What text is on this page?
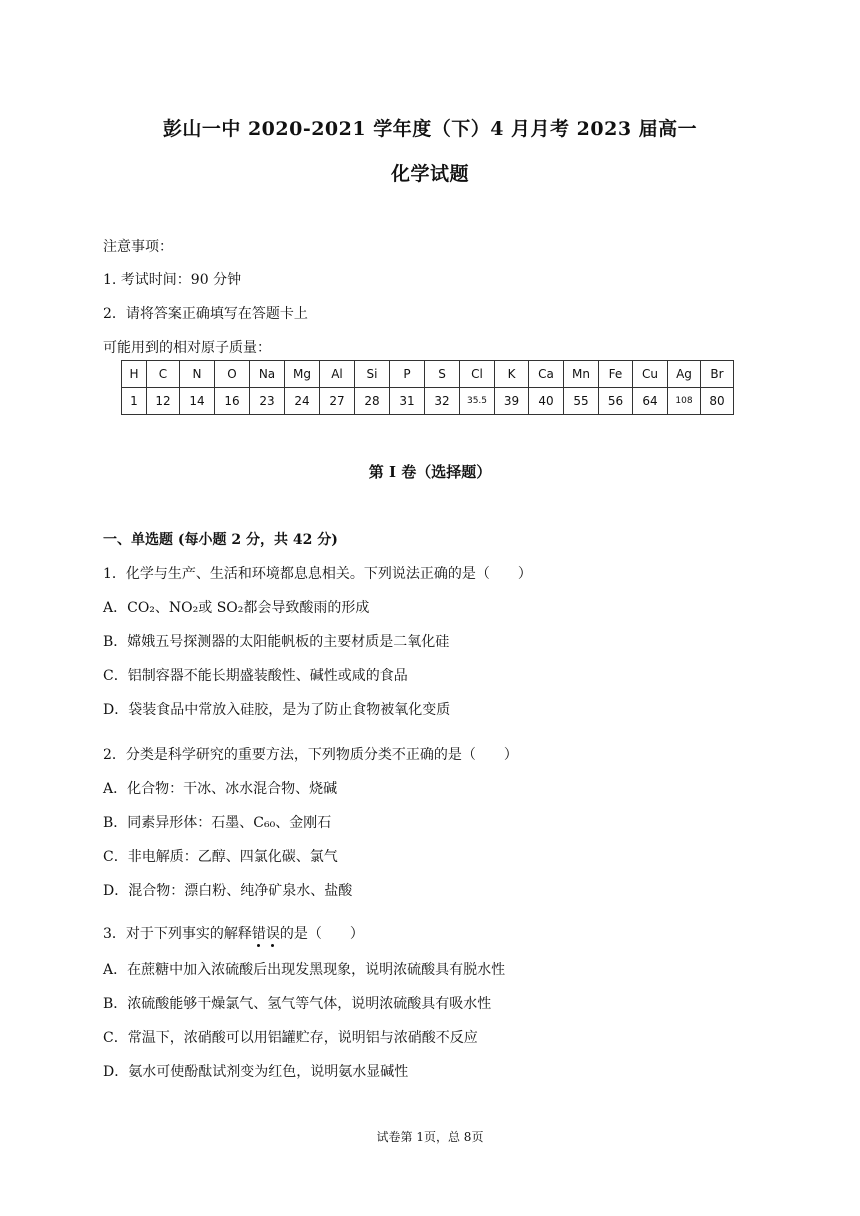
彭山一中 2020-2021 学年度（下）4 月月考 2023 届高一
化学试题
注意事项：
1. 考试时间：90 分钟
2．请将答案正确填写在答题卡上
可能用到的相对原子质量：
H	C	N	O	Na	Mg	Al	Si	P	S	Cl	K	Ca	Mn	Fe	Cu	Ag	Br
1	12	14	16	23	24	27	28	31	32	35.5	39	40	55	56	64	108	80
第 I 卷（选择题）
一、单选题 (每小题 2 分，共 42 分)
1．化学与生产、生活和环境都息息相关。下列说法正确的是（　　）
A．CO₂、NO₂或 SO₂都会导致酸雨的形成
B．嫦娥五号探测器的太阳能帆板的主要材质是二氧化硅
C．铝制容器不能长期盛装酸性、碱性或咸的食品
D．袋装食品中常放入硅胶，是为了防止食物被氧化变质
2．分类是科学研究的重要方法，下列物质分类不正确的是（　　）
A．化合物：干冰、冰水混合物、烧碱
B．同素异形体：石墨、C₆₀、金刚石
C．非电解质：乙醇、四氯化碳、氯气
D．混合物：漂白粉、纯净矿泉水、盐酸
3．对于下列事实的解释错误的是（　　）
A．在蔗糖中加入浓硫酸后出现发黑现象，说明浓硫酸具有脱水性
B．浓硫酸能够干燥氯气、氢气等气体，说明浓硫酸具有吸水性
C．常温下，浓硝酸可以用铝罐贮存，说明铝与浓硝酸不反应
D．氨水可使酚酞试剂变为红色，说明氨水显碱性
试卷第 1页，总 8页
